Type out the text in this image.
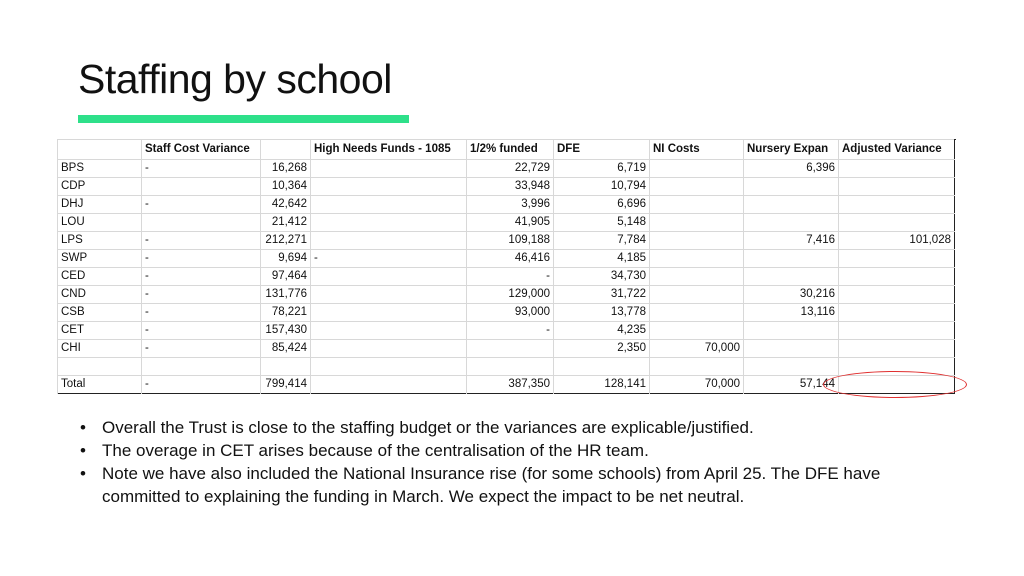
Staffing by school
	Staff Cost Variance		High Needs Funds - 1085	1/2% funded	DFE	NI Costs	Nursery Expan	Adjusted Variance	
BPS	-	16,268		22,729	6,719		6,396		

CDP		10,364		33,948	10,794				

DHJ	-	42,642		3,996	6,696				

LOU		21,412		41,905	5,148				

LPS	-	212,271		109,188	7,784		7,416	101,028	

SWP	-	9,694	-	46,416	4,185				

CED	-	97,464		-	34,730				

CND	-	131,776		129,000	31,722		30,216		

CSB	-	78,221		93,000	13,778		13,116		

CET	-	157,430		-	4,235				

CHI	-	85,424			2,350	70,000			

Total	-	799,414		387,350	128,141	70,000	57,144		
• Overall the Trust is close to the staffing budget or the variances are explicable/justified.
• The overage in CET arises because of the centralisation of the HR team.
• Note we have also included the National Insurance rise (for some schools) from April 25. The DFE have committed to explaining the funding in March. We expect the impact to be net neutral.
